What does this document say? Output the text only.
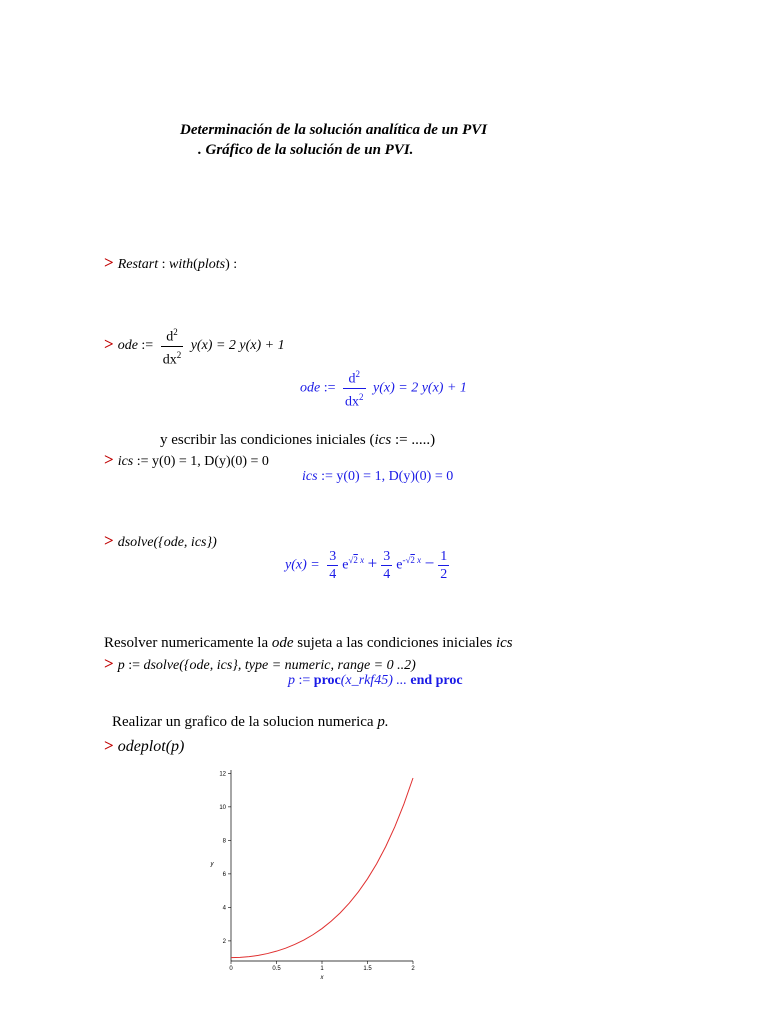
Determinación de la solución analítica de un PVI
. Gráfico de la solución de un PVI.
> Restart : with(plots) :
> ode := $\frac{d^2}{dx^2} y(x) = 2$ y(x) + 1
ode := $\frac{d^2}{dx^2} y(x) = 2$ y(x) + 1
y escribir las condiciones iniciales (ics := .....)
> ics := y(0) = 1, D(y)(0) = 0
ics := y(0) = 1, D(y)(0) = 0
> dsolve({ode, ics})
$y(x) = \frac{3}{4} e^{√2 x} + \frac{3}{4} e^{-√2 x} - \frac{1}{2}$
Resolver numericamente la ode sujeta a las condiciones iniciales ics
> p := dsolve({ode, ics}, type = numeric, range = 0 ..2)
p := proc(x_rkf45) ... end proc
Realizar un grafico de la solucion numerica p.
> odeplot(p)
0	0.5	1	1.5	2
2
4
6
8
10
12
x
y
